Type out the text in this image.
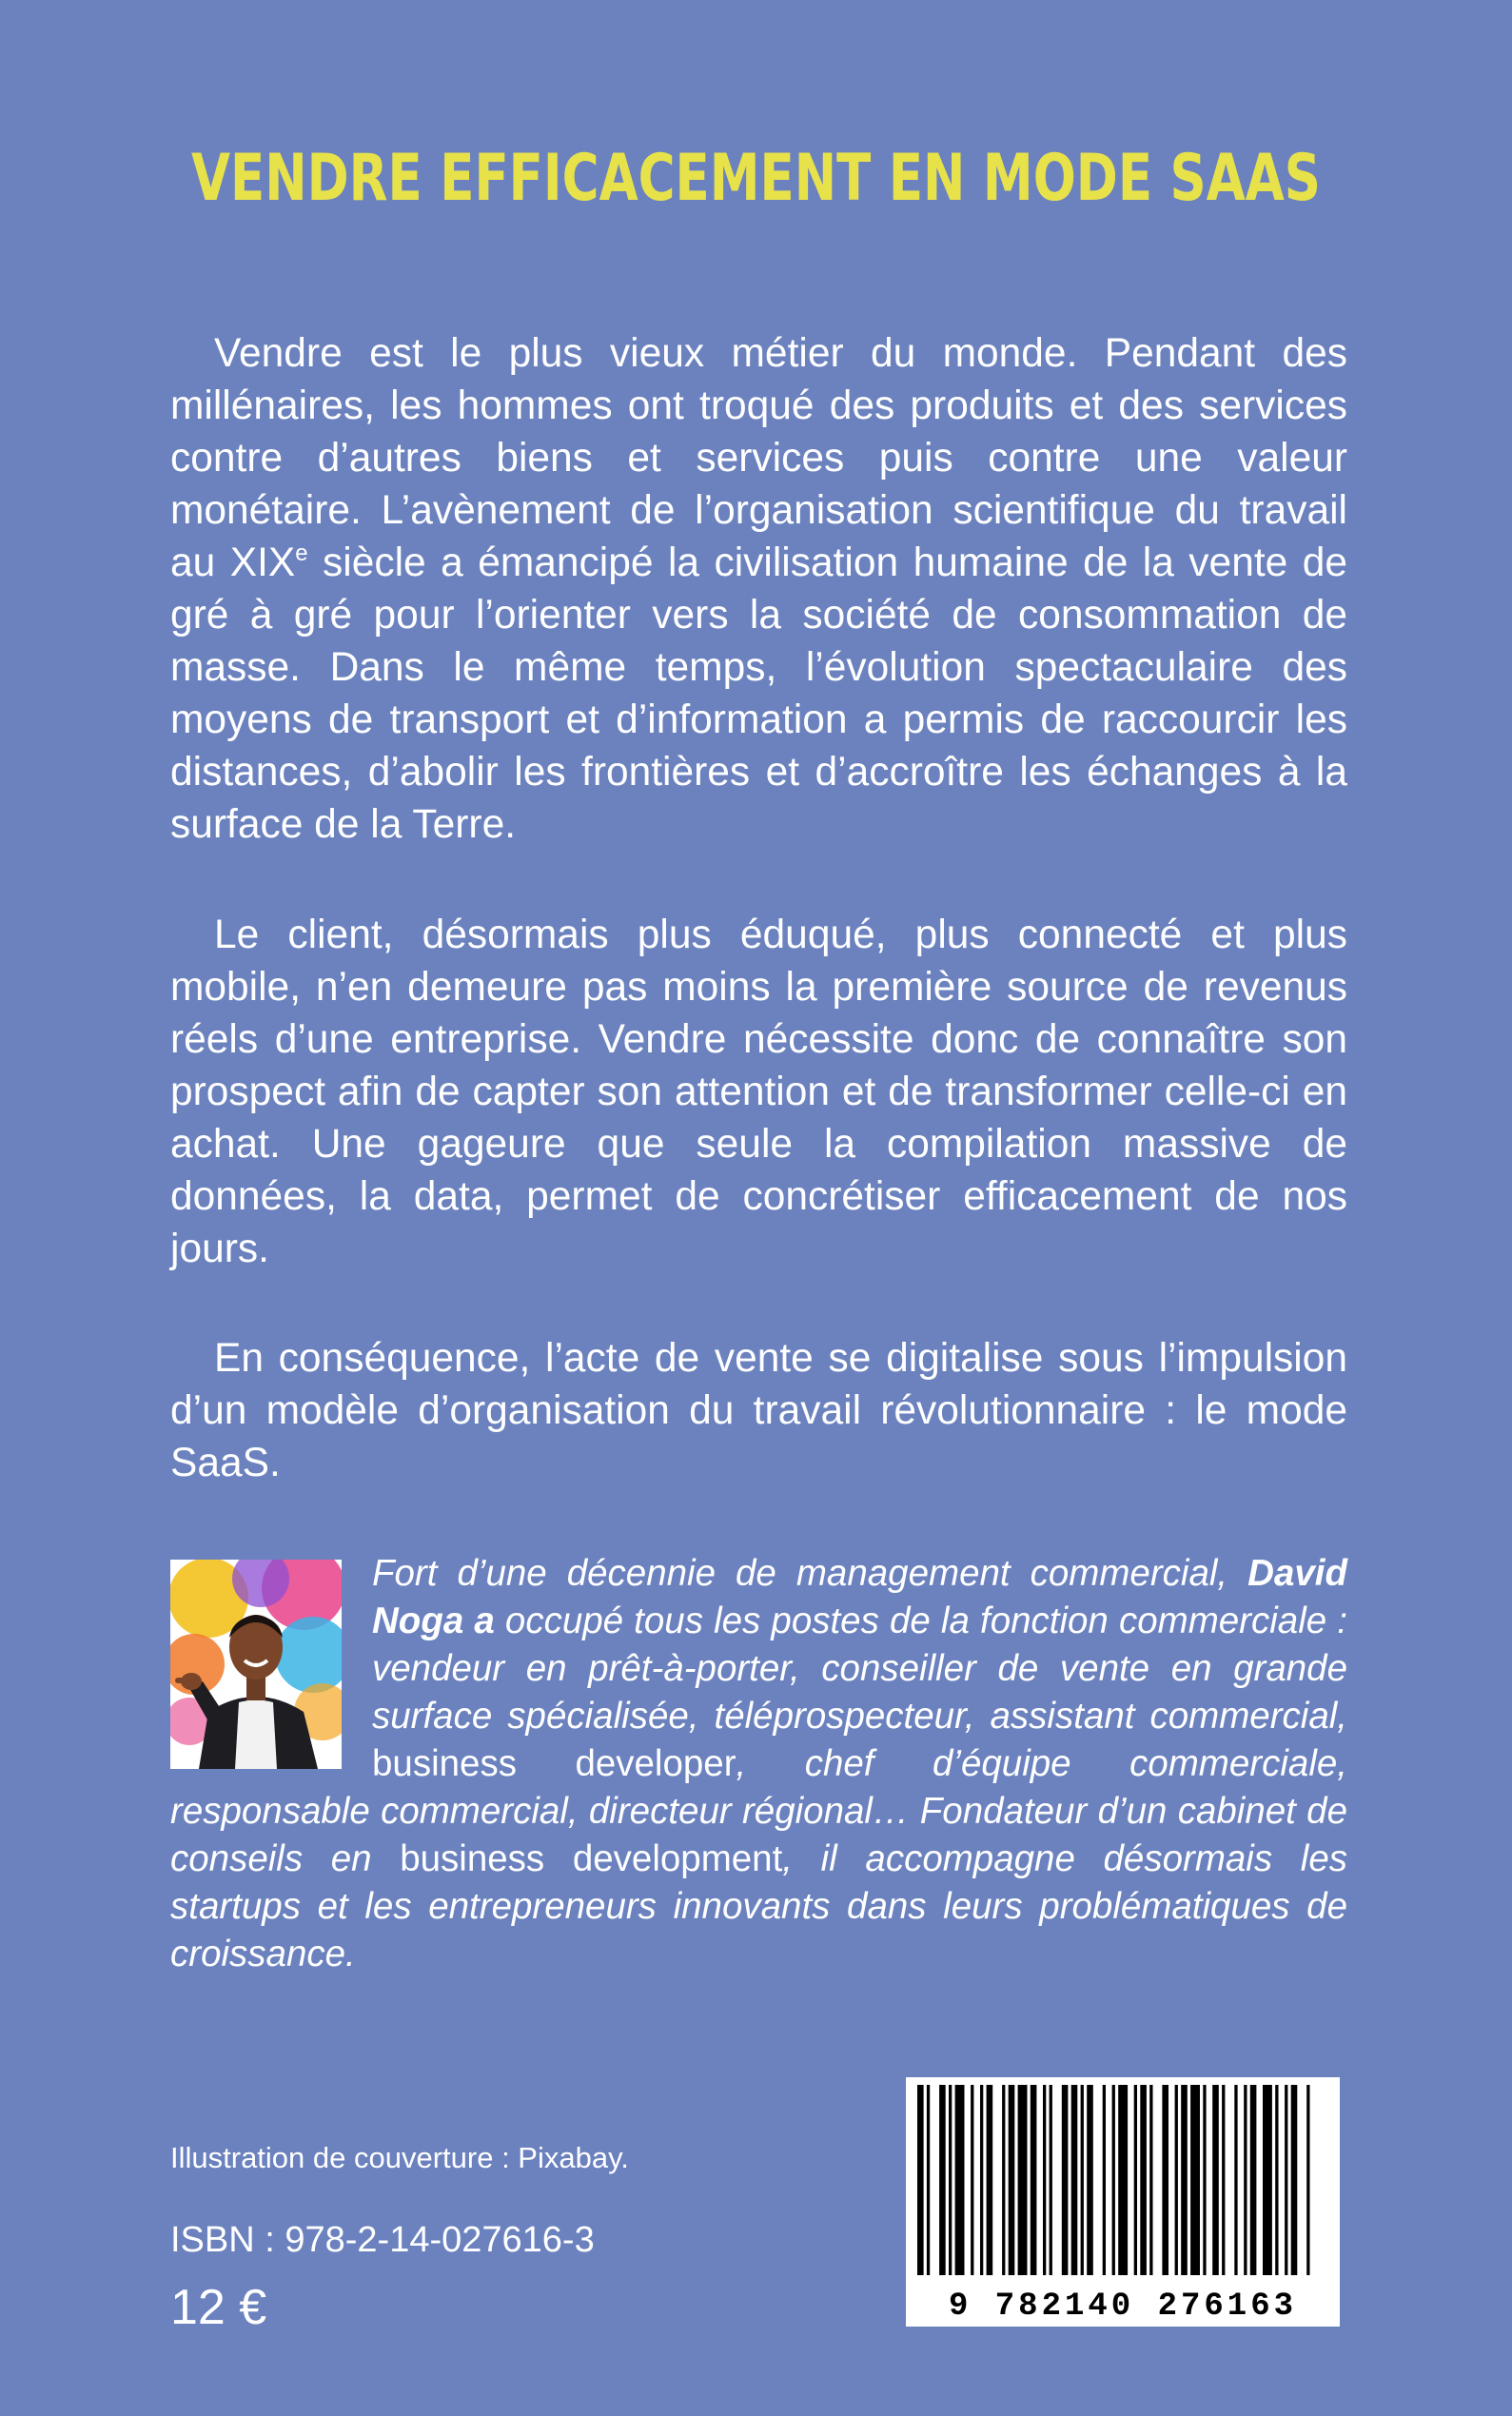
VENDRE EFFICACEMENT EN MODE SAAS

Vendre est le plus vieux métier du monde. Pendant des millénaires, les hommes ont troqué des produits et des services contre d’autres biens et services puis contre une valeur monétaire. L’avènement de l’organisation scientifique du travail au XIXe siècle a émancipé la civilisation humaine de la vente de gré à gré pour l’orienter vers la société de consommation de masse. Dans le même temps, l’évolution spectaculaire des moyens de transport et d’information a permis de raccourcir les distances, d’abolir les frontières et d’accroître les échanges à la surface de la Terre.

Le client, désormais plus éduqué, plus connecté et plus mobile, n’en demeure pas moins la première source de revenus réels d’une entreprise. Vendre nécessite donc de connaître son prospect afin de capter son attention et de transformer celle-ci en achat. Une gageure que seule la compilation massive de données, la data, permet de concrétiser efficacement de nos jours.

En conséquence, l’acte de vente se digitalise sous l’impulsion d’un modèle d’organisation du travail révolutionnaire : le mode SaaS.

Fort d’une décennie de management commercial, David Noga a occupé tous les postes de la fonction commerciale : vendeur en prêt-à-porter, conseiller de vente en grande surface spécialisée, téléprospecteur, assistant commercial, business developer, chef d’équipe commerciale, responsable commercial, directeur régional… Fondateur d’un cabinet de conseils en business development, il accompagne désormais les startups et les entrepreneurs innovants dans leurs problématiques de croissance.

Illustration de couverture : Pixabay.

ISBN : 978-2-14-027616-3

12 €	9 782140 276163
